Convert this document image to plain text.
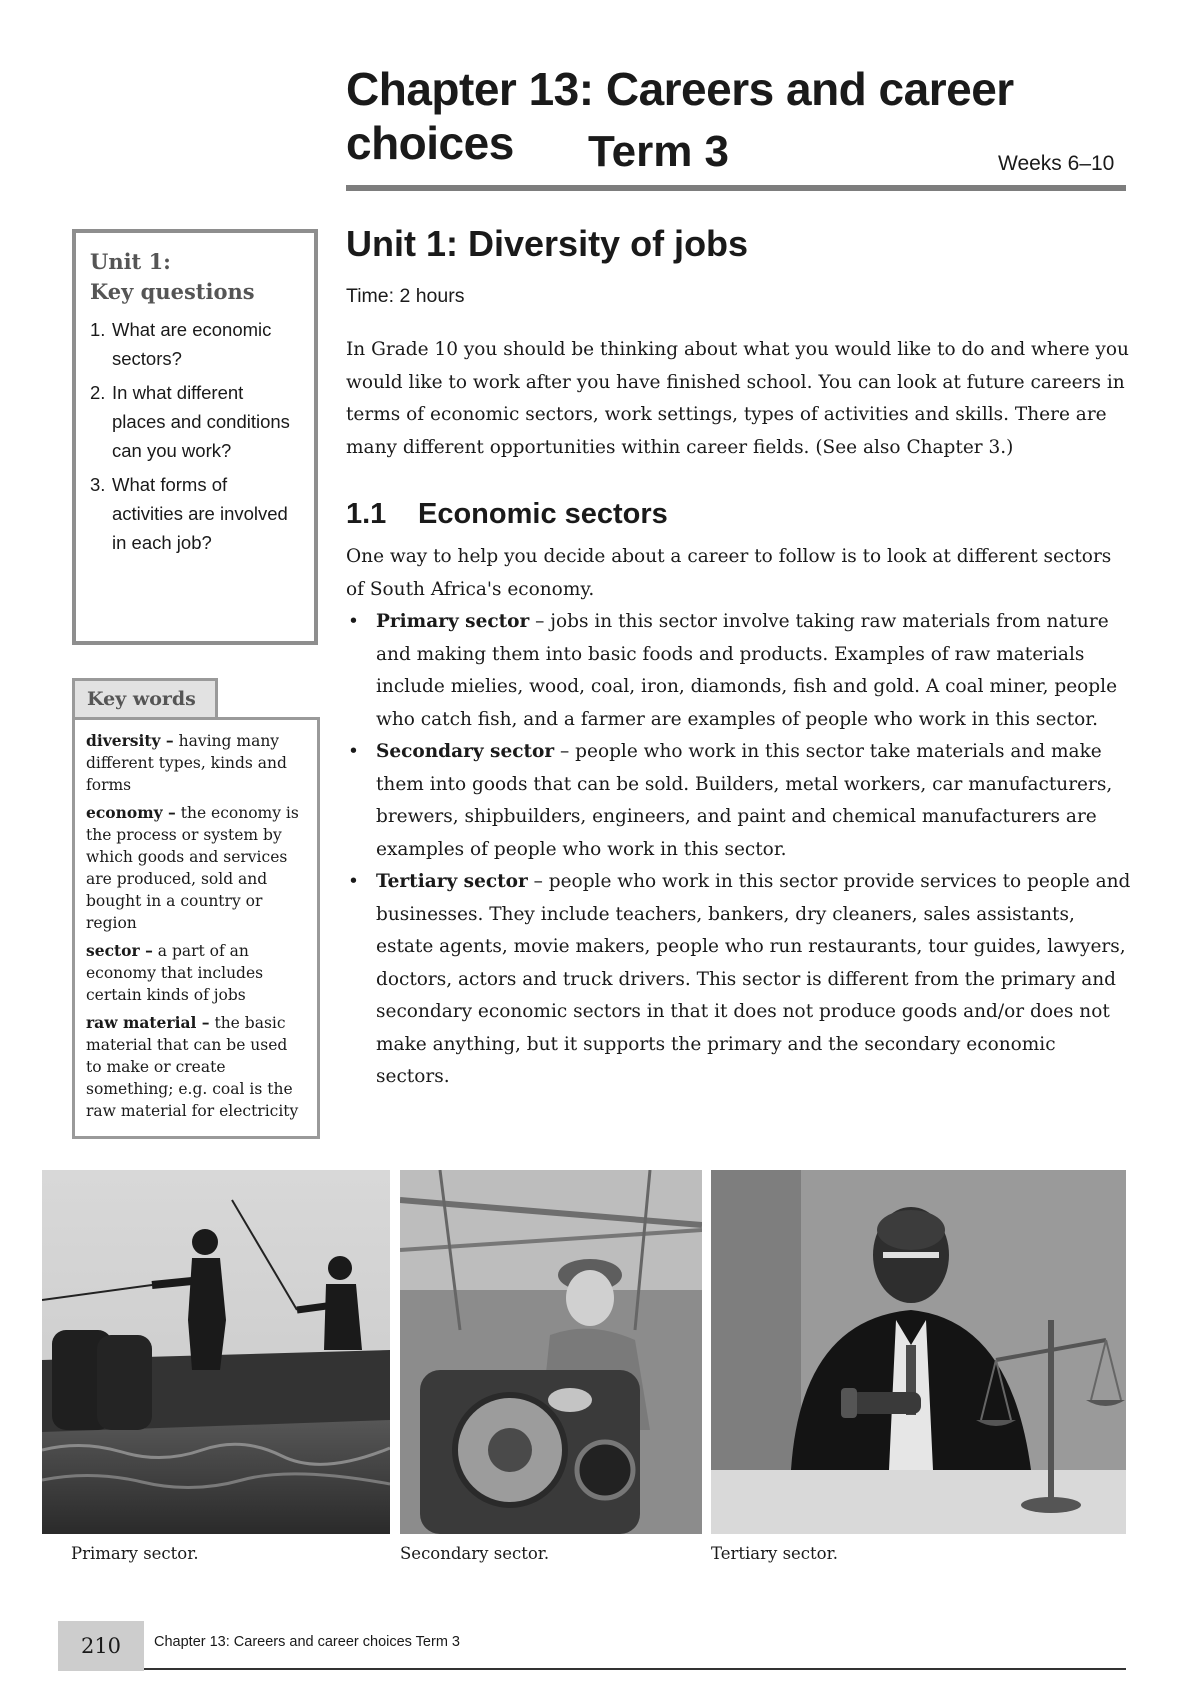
Chapter 13: Careers and career choices	Term 3	Weeks 6–10
Unit 1:
Key questions
1. What are economic sectors?
2. In what different places and conditions can you work?
3. What forms of activities are involved in each job?
Key words

diversity – having many different types, kinds and forms

economy – the economy is the process or system by which goods and services are produced, sold and bought in a country or region

sector – a part of an economy that includes certain kinds of jobs

raw material – the basic material that can be used to make or create something; e.g. coal is the raw material for electricity

Unit 1: Diversity of jobs
Time: 2 hours

In Grade 10 you should be thinking about what you would like to do and where you would like to work after you have finished school. You can look at future careers in terms of economic sectors, work settings, types of activities and skills. There are many different opportunities within career fields. (See also Chapter 3.)

1.1 Economic sectors

One way to help you decide about a career to follow is to look at different sectors of South Africa's economy.

• Primary sector – jobs in this sector involve taking raw materials from nature and making them into basic foods and products. Examples of raw materials include mielies, wood, coal, iron, diamonds, fish and gold. A coal miner, people who catch fish, and a farmer are examples of people who work in this sector.
• Secondary sector – people who work in this sector take materials and make them into goods that can be sold. Builders, metal workers, car manufacturers, brewers, shipbuilders, engineers, and paint and chemical manufacturers are examples of people who work in this sector.
• Tertiary sector – people who work in this sector provide services to people and businesses. They include teachers, bankers, dry cleaners, sales assistants, estate agents, movie makers, people who run restaurants, tour guides, lawyers, doctors, actors and truck drivers. This sector is different from the primary and secondary economic sectors in that it does not produce goods and/or does not make anything, but it supports the primary and the secondary economic sectors.
Primary sector.	Secondary sector.	Tertiary sector.
210	Chapter 13: Careers and career choices Term 3
